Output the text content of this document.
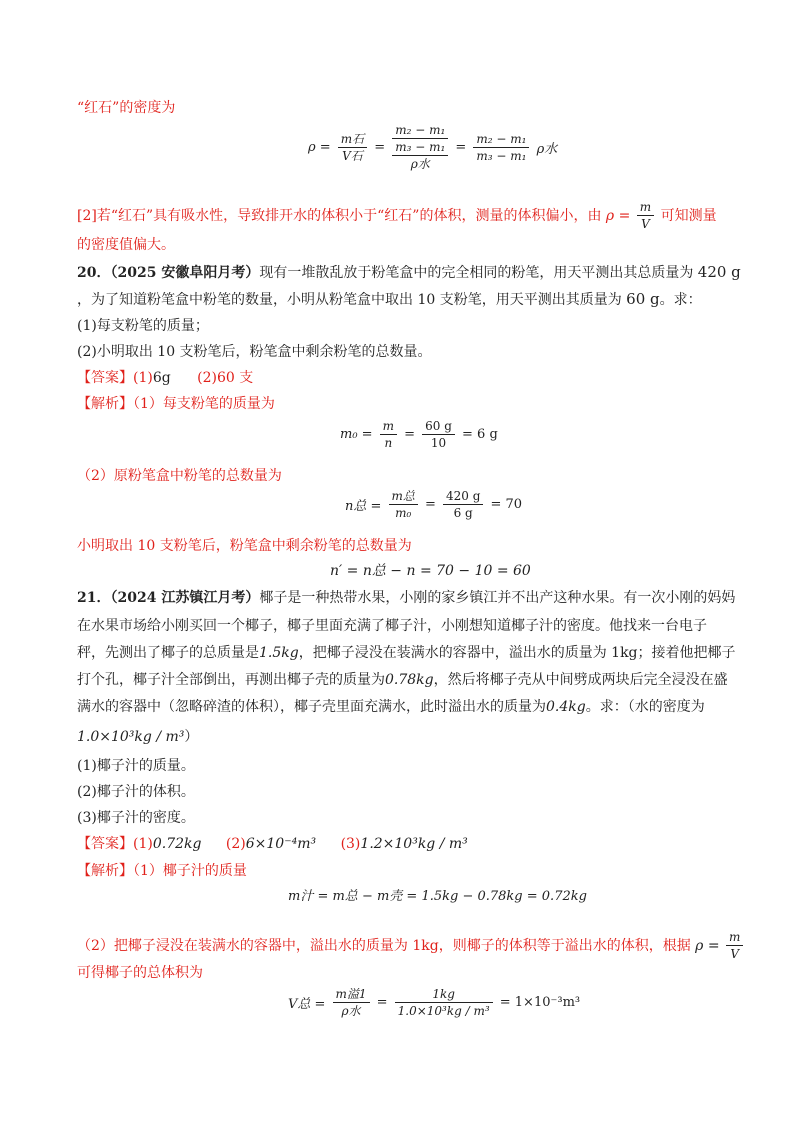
“红石”的密度为
$\rho = \frac{\text{m石}}{\text{V石}} = \frac{\text{m₂ − m₁}}{\frac{\text{m₃ − m₁}}{\text{ρ水}}} = \frac{\text{m₂ − m₁}}{\text{m₃ − m₁}}$ ρ水
[2]若“红石”具有吸水性，导致排开水的体积小于“红石”的体积，测量的体积偏小，由 $\rho = \frac{m}{V}$ 可知测量
的密度值偏大。
20．（2025 安徽阜阳月考）现有一堆散乱放于粉笔盒中的完全相同的粉笔，用天平测出其总质量为 420 g
，为了知道粉笔盒中粉笔的数量，小明从粉笔盒中取出 10 支粉笔，用天平测出其质量为 60 g。求：
(1)每支粉笔的质量；
(2)小明取出 10 支粉笔后，粉笔盒中剩余粉笔的总数量。
【答案】(1)6g (2)60 支
【解析】（1）每支粉笔的质量为
$m_0 = \frac{m}{n} = \frac{60 g}{10} = 6$ g
（2）原粉笔盒中粉笔的总数量为
n总 = $\frac{\text{m总}}{\text{m₀}} = \frac{420 g}{6 g} = 70$
小明取出 10 支粉笔后，粉笔盒中剩余粉笔的总数量为
n′ = n总 − n = 70 − 10 = 60
21．（2024 江苏镇江月考）椰子是一种热带水果，小刚的家乡镇江并不出产这种水果。有一次小刚的妈妈
在水果市场给小刚买回一个椰子，椰子里面充满了椰子汁，小刚想知道椰子汁的密度。他找来一台电子
秤，先测出了椰子的总质量是1.5kg，把椰子浸没在装满水的容器中，溢出水的质量为 1kg；接着他把椰子
打个孔，椰子汁全部倒出，再测出椰子壳的质量为0.78kg，然后将椰子壳从中间劈成两块后完全浸没在盛
满水的容器中（忽略碎渣的体积），椰子壳里面充满水，此时溢出水的质量为0.4kg。求：（水的密度为
1.0×10³kg / m³）
(1)椰子汁的质量。
(2)椰子汁的体积。
(3)椰子汁的密度。
【答案】(1)0.72kg (2)6×10⁻⁴m³ (3)1.2×10³kg / m³
【解析】（1）椰子汁的质量
m汁 = m总 − m壳 = 1.5kg − 0.78kg = 0.72kg
（2）把椰子浸没在装满水的容器中，溢出水的质量为 1kg，则椰子的体积等于溢出水的体积，根据 $\rho = \frac{m}{V}$
可得椰子的总体积为
V总 = $\frac{\text{m溢1}}{\text{ρ水}} = \frac{1kg}{\text{1.0×10³kg / m³}} = 1\times 10^{-3}m^3$
